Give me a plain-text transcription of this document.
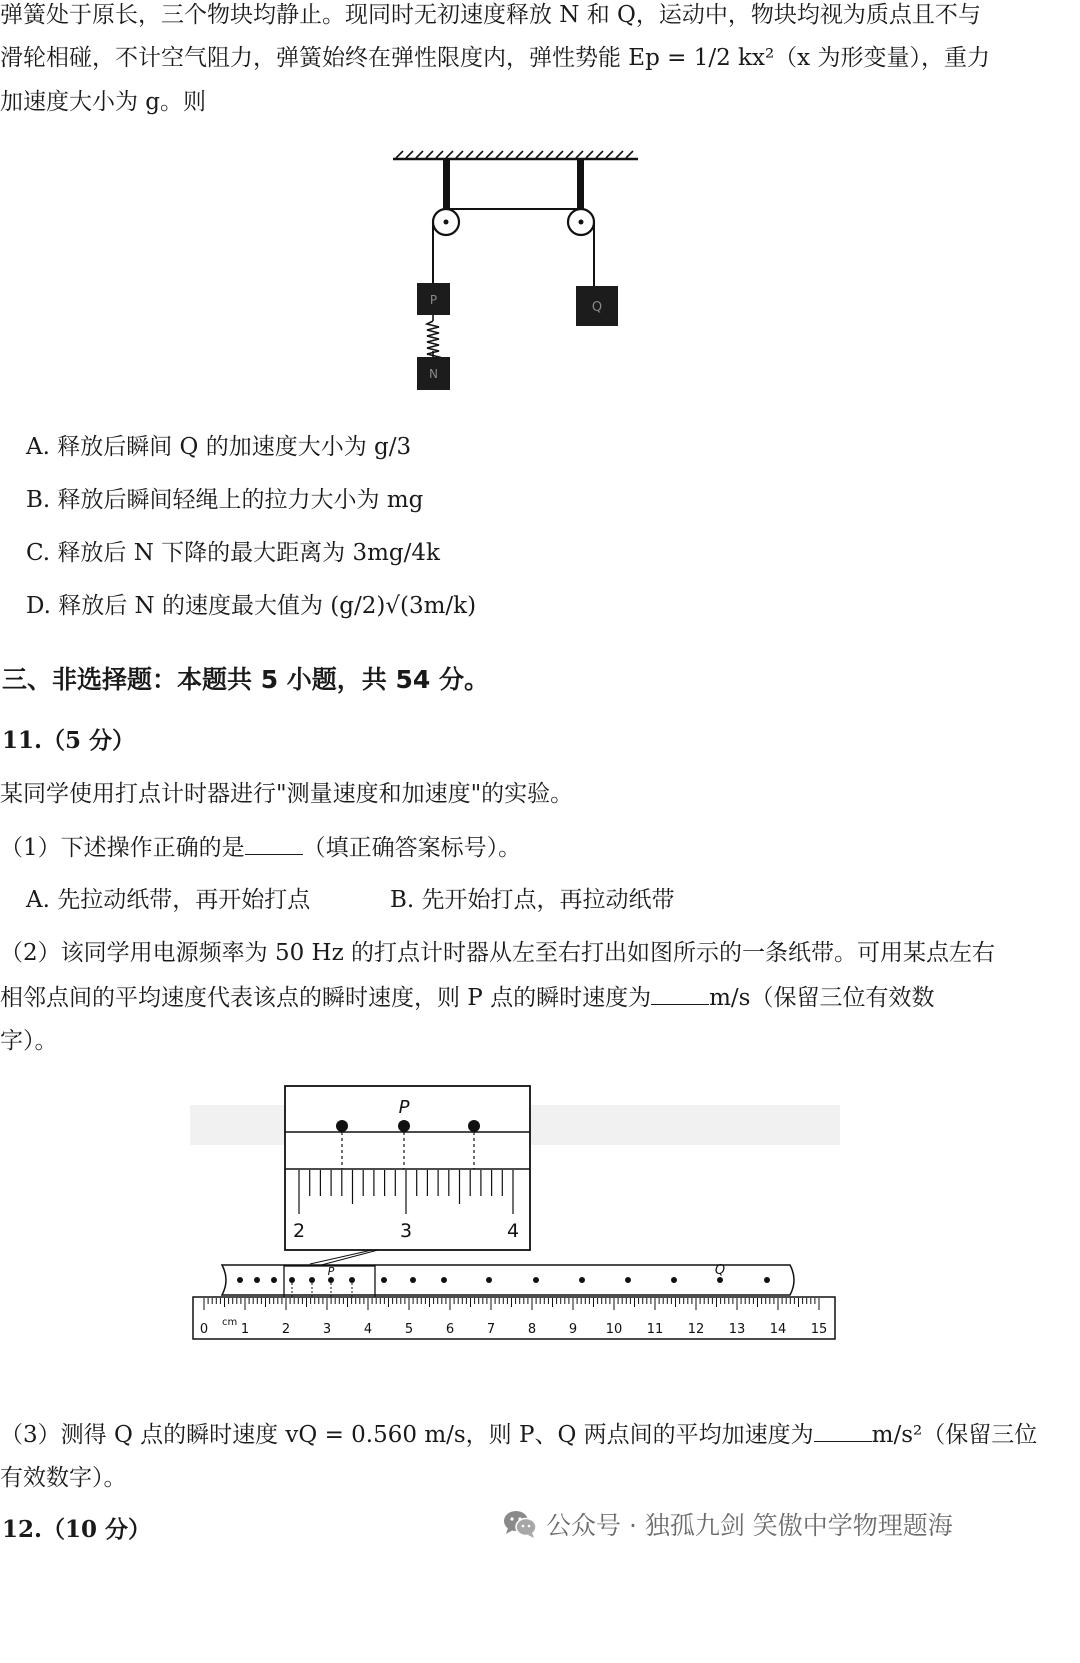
弹簧处于原长，三个物块均静止。现同时无初速度释放 N 和 Q，运动中，物块均视为质点且不与
滑轮相碰，不计空气阻力，弹簧始终在弹性限度内，弹性势能 Ep = 1/2 kx²（x 为形变量），重力
加速度大小为 g。则
P
N
Q
A. 释放后瞬间 Q 的加速度大小为 g/3
B. 释放后瞬间轻绳上的拉力大小为 mg
C. 释放后 N 下降的最大距离为 3mg/4k
D. 释放后 N 的速度最大值为 (g/2)√(3m/k)
三、非选择题：本题共 5 小题，共 54 分。
11.（5 分）
某同学使用打点计时器进行"测量速度和加速度"的实验。
（1）下述操作正确的是	（填正确答案标号）。
A. 先拉动纸带，再开始打点	B. 先开始打点，再拉动纸带
（2）该同学用电源频率为 50 Hz 的打点计时器从左至右打出如图所示的一条纸带。可用某点左右
相邻点间的平均速度代表该点的瞬时速度，则 P 点的瞬时速度为	m/s（保留三位有效数
字）。
P
2	3	4
P	Q
0	1	2	3	4	5	6	7	8	9 10 11 12 13 14 15
cm
（3）测得 Q 点的瞬时速度 vQ = 0.560 m/s，则 P、Q 两点间的平均加速度为	m/s²（保留三位
有效数字）。
12.（10 分）	公众号 · 独孤九剑 笑傲中学物理题海
